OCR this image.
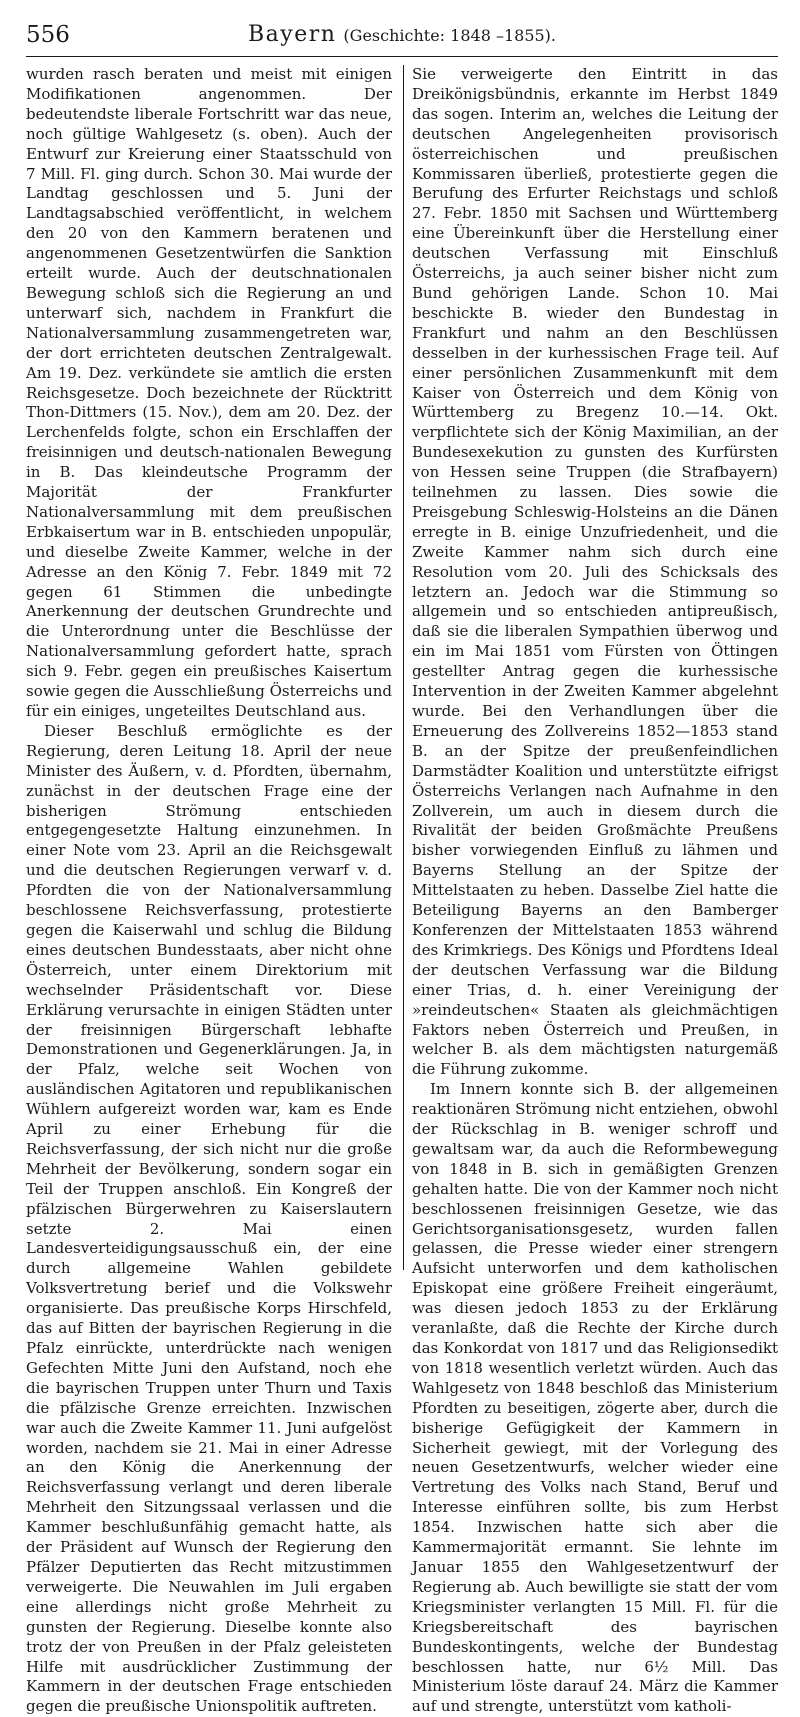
556	Bayern (Geschichte: 1848 –1855).

wurden rasch beraten und meist mit einigen Modifikationen angenommen. Der bedeutendste liberale Fortschritt war das neue, noch gültige Wahlgesetz (s. oben). Auch der Entwurf zur Kreierung einer Staatsschuld von 7 Mill. Fl. ging durch. Schon 30. Mai wurde der Landtag geschlossen und 5. Juni der Landtagsabschied veröffentlicht, in welchem den 20 von den Kammern beratenen und angenommenen Gesetzentwürfen die Sanktion erteilt wurde. Auch der deutschnationalen Bewegung schloß sich die Regierung an und unterwarf sich, nachdem in Frankfurt die Nationalversammlung zusammengetreten war, der dort errichteten deutschen Zentralgewalt. Am 19. Dez. verkündete sie amtlich die ersten Reichsgesetze. Doch bezeichnete der Rücktritt Thon-Dittmers (15. Nov.), dem am 20. Dez. der Lerchenfelds folgte, schon ein Erschlaffen der freisinnigen und deutsch-nationalen Bewegung in B. Das kleindeutsche Programm der Majorität der Frankfurter Nationalversammlung mit dem preußischen Erbkaisertum war in B. entschieden unpopulär, und dieselbe Zweite Kammer, welche in der Adresse an den König 7. Febr. 1849 mit 72 gegen 61 Stimmen die unbedingte Anerkennung der deutschen Grundrechte und die Unterordnung unter die Beschlüsse der Nationalversammlung gefordert hatte, sprach sich 9. Febr. gegen ein preußisches Kaisertum sowie gegen die Ausschließung Österreichs und für ein einiges, ungeteiltes Deutschland aus.

Dieser Beschluß ermöglichte es der Regierung, deren Leitung 18. April der neue Minister des Äußern, v. d. Pfordten, übernahm, zunächst in der deutschen Frage eine der bisherigen Strömung entschieden entgegengesetzte Haltung einzunehmen. In einer Note vom 23. April an die Reichsgewalt und die deutschen Regierungen verwarf v. d. Pfordten die von der Nationalversammlung beschlossene Reichsverfassung, protestierte gegen die Kaiserwahl und schlug die Bildung eines deutschen Bundesstaats, aber nicht ohne Österreich, unter einem Direktorium mit wechselnder Präsidentschaft vor. Diese Erklärung verursachte in einigen Städten unter der freisinnigen Bürgerschaft lebhafte Demonstrationen und Gegenerklärungen. Ja, in der Pfalz, welche seit Wochen von ausländischen Agitatoren und republikanischen Wühlern aufgereizt worden war, kam es Ende April zu einer Erhebung für die Reichsverfassung, der sich nicht nur die große Mehrheit der Bevölkerung, sondern sogar ein Teil der Truppen anschloß. Ein Kongreß der pfälzischen Bürgerwehren zu Kaiserslautern setzte 2. Mai einen Landesverteidigungsausschuß ein, der eine durch allgemeine Wahlen gebildete Volksvertretung berief und die Volkswehr organisierte. Das preußische Korps Hirschfeld, das auf Bitten der bayrischen Regierung in die Pfalz einrückte, unterdrückte nach wenigen Gefechten Mitte Juni den Aufstand, noch ehe die bayrischen Truppen unter Thurn und Taxis die pfälzische Grenze erreichten. Inzwischen war auch die Zweite Kammer 11. Juni aufgelöst worden, nachdem sie 21. Mai in einer Adresse an den König die Anerkennung der Reichsverfassung verlangt und deren liberale Mehrheit den Sitzungssaal verlassen und die Kammer beschlußunfähig gemacht hatte, als der Präsident auf Wunsch der Regierung den Pfälzer Deputierten das Recht mitzustimmen verweigerte. Die Neuwahlen im Juli ergaben eine allerdings nicht große Mehrheit zu gunsten der Regierung. Dieselbe konnte also trotz der von Preußen in der Pfalz geleisteten Hilfe mit ausdrücklicher Zustimmung der Kammern in der deutschen Frage entschieden gegen die preußische Unionspolitik auftreten.

Sie verweigerte den Eintritt in das Dreikönigsbündnis, erkannte im Herbst 1849 das sogen. Interim an, welches die Leitung der deutschen Angelegenheiten provisorisch österreichischen und preußischen Kommissaren überließ, protestierte gegen die Berufung des Erfurter Reichstags und schloß 27. Febr. 1850 mit Sachsen und Württemberg eine Übereinkunft über die Herstellung einer deutschen Verfassung mit Einschluß Österreichs, ja auch seiner bisher nicht zum Bund gehörigen Lande. Schon 10. Mai beschickte B. wieder den Bundestag in Frankfurt und nahm an den Beschlüssen desselben in der kurhessischen Frage teil. Auf einer persönlichen Zusammenkunft mit dem Kaiser von Österreich und dem König von Württemberg zu Bregenz 10.—14. Okt. verpflichtete sich der König Maximilian, an der Bundesexekution zu gunsten des Kurfürsten von Hessen seine Truppen (die Strafbayern) teilnehmen zu lassen. Dies sowie die Preisgebung Schleswig-Holsteins an die Dänen erregte in B. einige Unzufriedenheit, und die Zweite Kammer nahm sich durch eine Resolution vom 20. Juli des Schicksals des letztern an. Jedoch war die Stimmung so allgemein und so entschieden antipreußisch, daß sie die liberalen Sympathien überwog und ein im Mai 1851 vom Fürsten von Öttingen gestellter Antrag gegen die kurhessische Intervention in der Zweiten Kammer abgelehnt wurde. Bei den Verhandlungen über die Erneuerung des Zollvereins 1852—1853 stand B. an der Spitze der preußenfeindlichen Darmstädter Koalition und unterstützte eifrigst Österreichs Verlangen nach Aufnahme in den Zollverein, um auch in diesem durch die Rivalität der beiden Großmächte Preußens bisher vorwiegenden Einfluß zu lähmen und Bayerns Stellung an der Spitze der Mittelstaaten zu heben. Dasselbe Ziel hatte die Beteiligung Bayerns an den Bamberger Konferenzen der Mittelstaaten 1853 während des Krimkriegs. Des Königs und Pfordtens Ideal der deutschen Verfassung war die Bildung einer Trias, d. h. einer Vereinigung der »reindeutschen« Staaten als gleichmächtigen Faktors neben Österreich und Preußen, in welcher B. als dem mächtigsten naturgemäß die Führung zukomme.

Im Innern konnte sich B. der allgemeinen reaktionären Strömung nicht entziehen, obwohl der Rückschlag in B. weniger schroff und gewaltsam war, da auch die Reformbewegung von 1848 in B. sich in gemäßigten Grenzen gehalten hatte. Die von der Kammer noch nicht beschlossenen freisinnigen Gesetze, wie das Gerichtsorganisationsgesetz, wurden fallen gelassen, die Presse wieder einer strengern Aufsicht unterworfen und dem katholischen Episkopat eine größere Freiheit eingeräumt, was diesen jedoch 1853 zu der Erklärung veranlaßte, daß die Rechte der Kirche durch das Konkordat von 1817 und das Religionsedikt von 1818 wesentlich verletzt würden. Auch das Wahlgesetz von 1848 beschloß das Ministerium Pfordten zu beseitigen, zögerte aber, durch die bisherige Gefügigkeit der Kammern in Sicherheit gewiegt, mit der Vorlegung des neuen Gesetzentwurfs, welcher wieder eine Vertretung des Volks nach Stand, Beruf und Interesse einführen sollte, bis zum Herbst 1854. Inzwischen hatte sich aber die Kammermajorität ermannt. Sie lehnte im Januar 1855 den Wahlgesetzentwurf der Regierung ab. Auch bewilligte sie statt der vom Kriegsminister verlangten 15 Mill. Fl. für die Kriegsbereitschaft des bayrischen Bundeskontingents, welche der Bundestag beschlossen hatte, nur 6½ Mill. Das Ministerium löste darauf 24. März die Kammer auf und strengte, unterstützt vom katholi-
